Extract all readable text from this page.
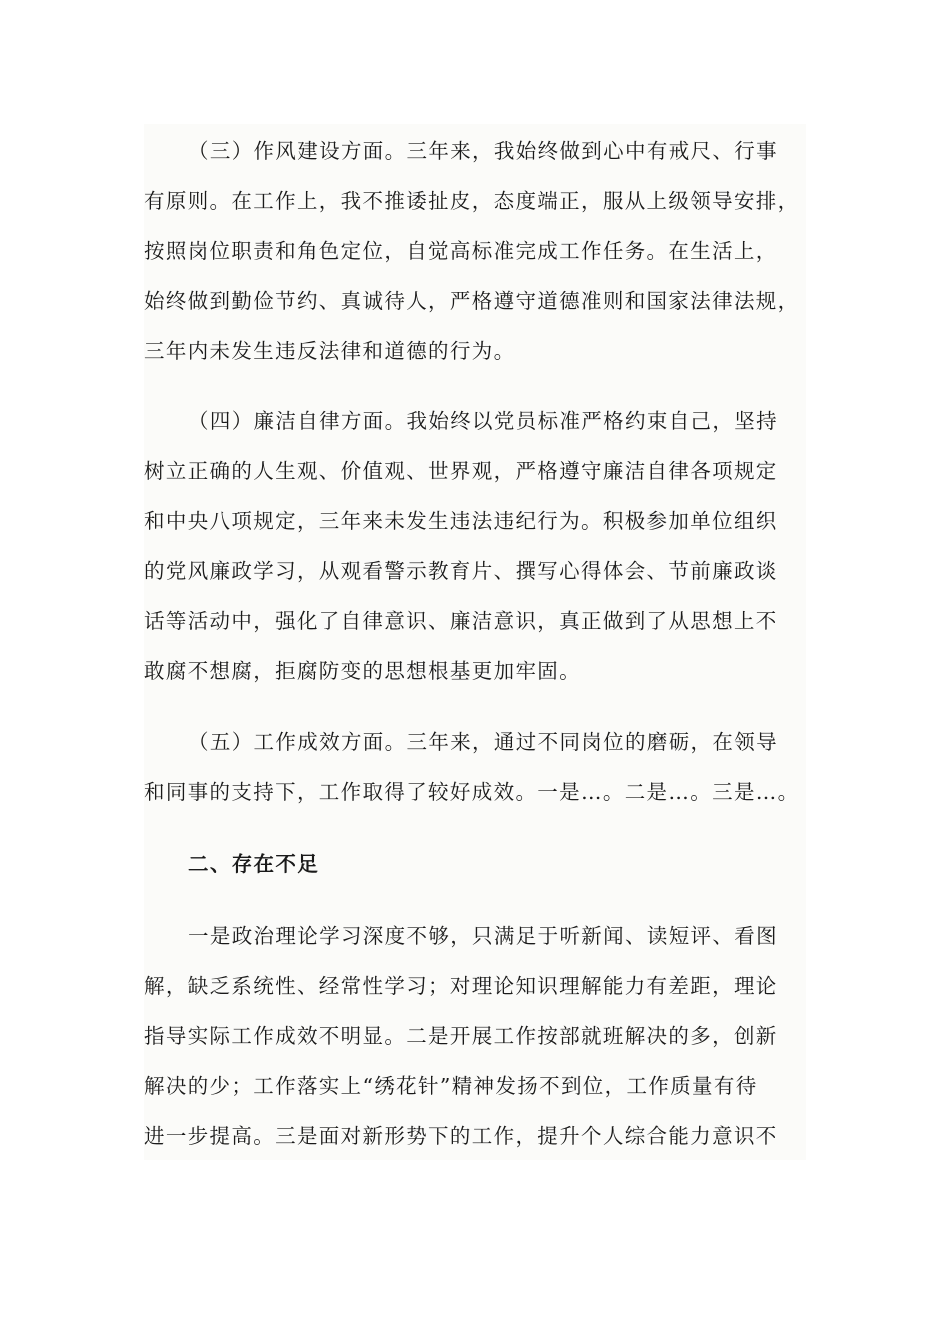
（三）作风建设方面。三年来，我始终做到心中有戒尺、行事
有原则。在工作上，我不推诿扯皮，态度端正，服从上级领导安排，
按照岗位职责和角色定位，自觉高标准完成工作任务。在生活上，
始终做到勤俭节约、真诚待人，严格遵守道德准则和国家法律法规，
三年内未发生违反法律和道德的行为。
（四）廉洁自律方面。我始终以党员标准严格约束自己，坚持
树立正确的人生观、价值观、世界观，严格遵守廉洁自律各项规定
和中央八项规定，三年来未发生违法违纪行为。积极参加单位组织
的党风廉政学习，从观看警示教育片、撰写心得体会、节前廉政谈
话等活动中，强化了自律意识、廉洁意识，真正做到了从思想上不
敢腐不想腐，拒腐防变的思想根基更加牢固。
（五）工作成效方面。三年来，通过不同岗位的磨砺，在领导
和同事的支持下，工作取得了较好成效。一是…。二是…。三是…。
二、存在不足
一是政治理论学习深度不够，只满足于听新闻、读短评、看图
解，缺乏系统性、经常性学习；对理论知识理解能力有差距，理论
指导实际工作成效不明显。二是开展工作按部就班解决的多，创新
解决的少；工作落实上“绣花针”精神发扬不到位，工作质量有待
进一步提高。三是面对新形势下的工作，提升个人综合能力意识不
